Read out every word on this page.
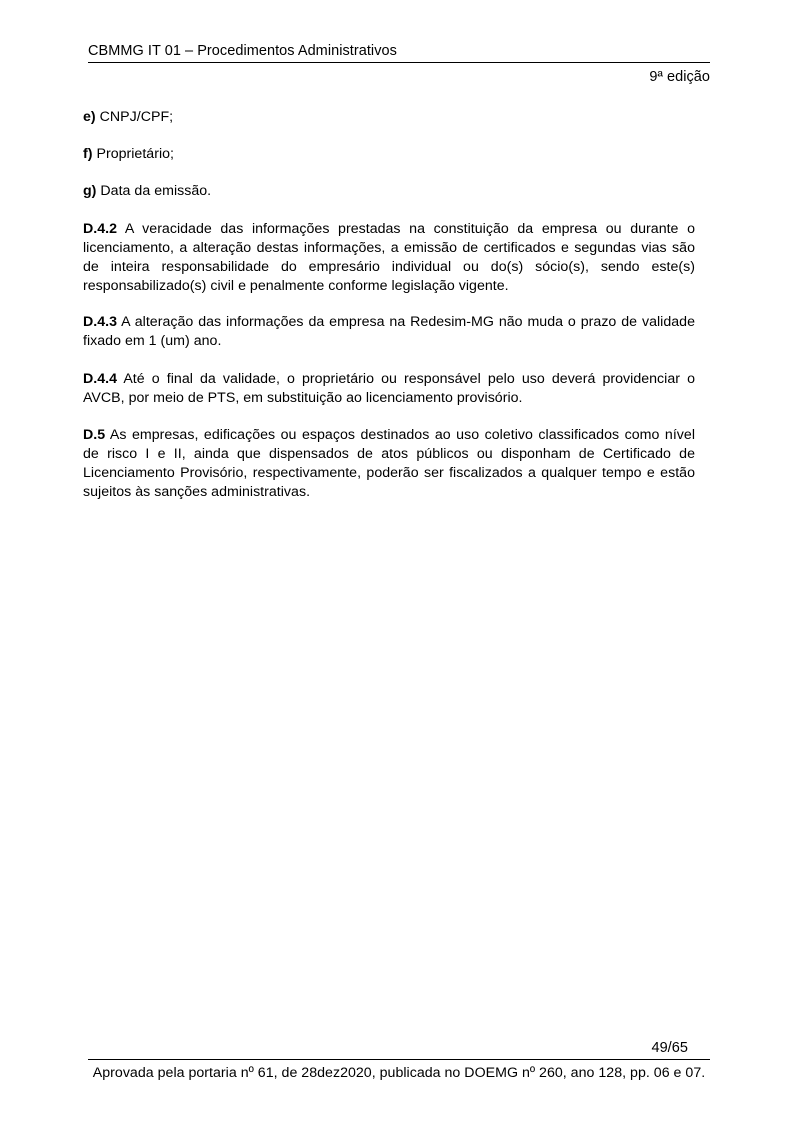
CBMMG IT 01 – Procedimentos Administrativos
9ª edição

e) CNPJ/CPF;

f) Proprietário;

g) Data da emissão.

D.4.2 A veracidade das informações prestadas na constituição da empresa ou durante o licenciamento, a alteração destas informações, a emissão de certificados e segundas vias são de inteira responsabilidade do empresário individual ou do(s) sócio(s), sendo este(s) responsabilizado(s) civil e penalmente conforme legislação vigente.

D.4.3 A alteração das informações da empresa na Redesim-MG não muda o prazo de validade fixado em 1 (um) ano.

D.4.4 Até o final da validade, o proprietário ou responsável pelo uso deverá providenciar o AVCB, por meio de PTS, em substituição ao licenciamento provisório.

D.5 As empresas, edificações ou espaços destinados ao uso coletivo classificados como nível de risco I e II, ainda que dispensados de atos públicos ou disponham de Certificado de Licenciamento Provisório, respectivamente, poderão ser fiscalizados a qualquer tempo e estão sujeitos às sanções administrativas.

49/65
Aprovada pela portaria nº 61, de 28dez2020, publicada no DOEMG nº 260, ano 128, pp. 06 e 07.
